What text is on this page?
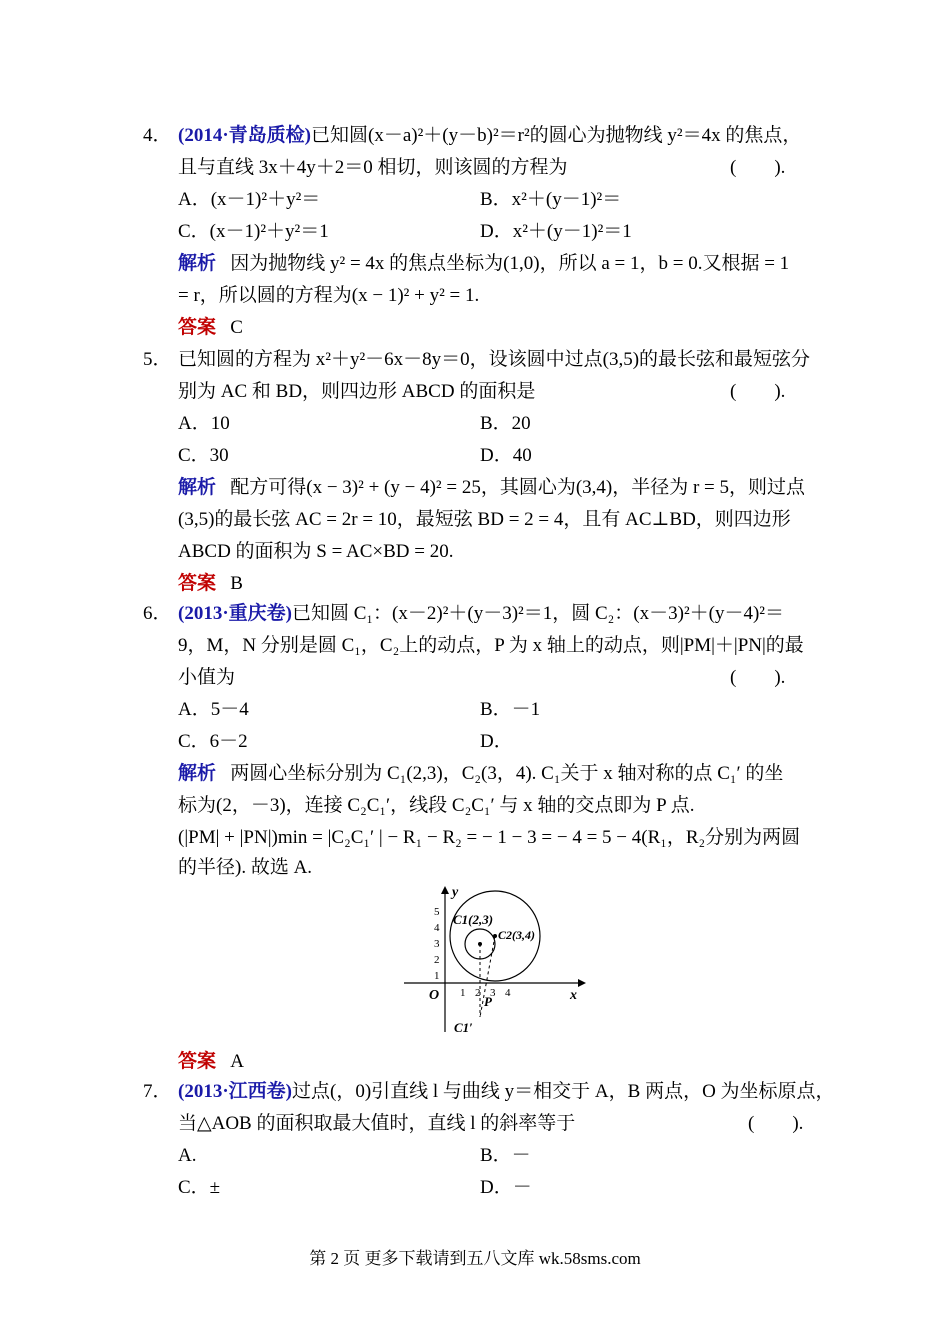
4． (2014·青岛质检)已知圆(x－a)²＋(y－b)²＝r²的圆心为抛物线 y²＝4x 的焦点，
且与直线 3x＋4y＋2＝0 相切，则该圆的方程为	(　　).
A．(x－1)²＋y²＝	B．x²＋(y－1)²＝
C．(x－1)²＋y²＝1	D．x²＋(y－1)²＝1
解析 因为抛物线 y² = 4x 的焦点坐标为(1,0)，所以 a = 1，b = 0.又根据 = 1
= r，所以圆的方程为(x − 1)² + y² = 1.
答案 C
5． 已知圆的方程为 x²＋y²－6x－8y＝0，设该圆中过点(3,5)的最长弦和最短弦分
别为 AC 和 BD，则四边形 ABCD 的面积是	(　　).
A．10	B．20
C．30	D．40
解析 配方可得(x − 3)² + (y − 4)² = 25，其圆心为(3,4)，半径为 r = 5，则过点
(3,5)的最长弦 AC = 2r = 10，最短弦 BD = 2 = 4，且有 AC⊥BD，则四边形
ABCD 的面积为 S = AC×BD = 20.
答案 B
6． (2013·重庆卷)已知圆 C₁：(x－2)²＋(y－3)²＝1，圆 C₂：(x－3)²＋(y－4)²＝
9，M，N 分别是圆 C₁，C₂上的动点，P 为 x 轴上的动点，则|PM|＋|PN|的最
小值为	(　　).
A．5－4	B．－1
C．6－2	D．
解析 两圆心坐标分别为 C₁(2,3)，C₂(3，4). C₁关于 x 轴对称的点 C₁′ 的坐
标为(2，－3)，连接 C₂C₁′，线段 C₂C₁′ 与 x 轴的交点即为 P 点.
(|PM| + |PN|)min = |C₂C₁′ | − R₁ − R₂ = − 1 − 3 = − 4 = 5 − 4(R₁，R₂分别为两圆
的半径). 故选 A.
y
x
O
5
4
3
2
1
1 2 3 4
C1(2,3)
C2(3,4)
P
C1′
答案 A
7． (2013·江西卷)过点(，0)引直线 l 与曲线 y＝相交于 A，B 两点，O 为坐标原点，
当△AOB 的面积取最大值时，直线 l 的斜率等于	(　　).
A.	B．－
C．±	D．－
第 2 页 更多下载请到五八文库 wk.58sms.com
